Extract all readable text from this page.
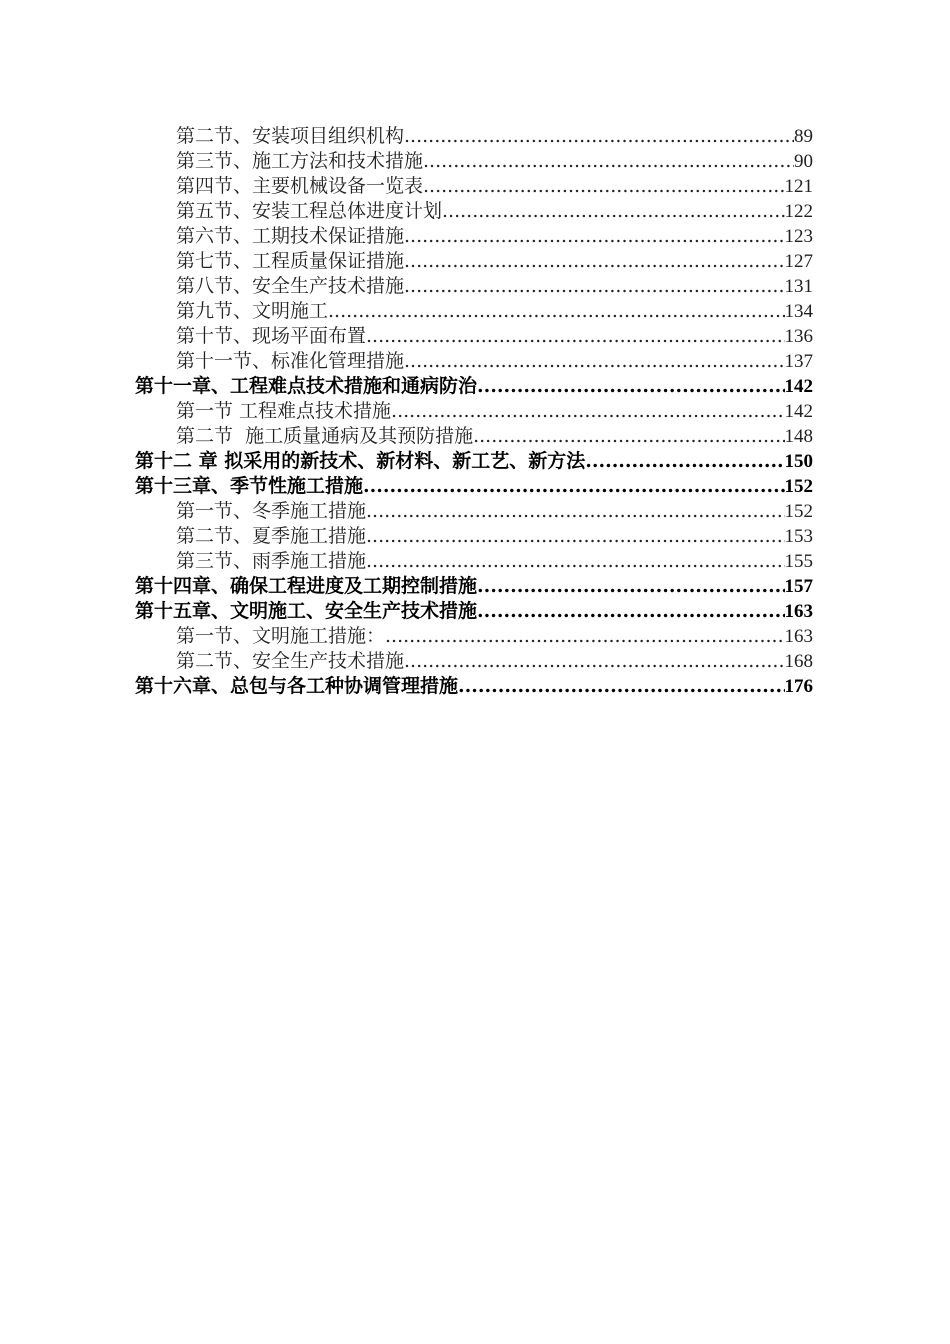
第二节、安装项目组织机构 .....	89
第三节、施工方法和技术措施 .....	90
第四节、主要机械设备一览表 .....	121
第五节、安装工程总体进度计划 .....	122
第六节、工期技术保证措施 .....	123
第七节、工程质量保证措施 .....	127
第八节、安全生产技术措施 .....	131
第九节、文明施工 .....	134
第十节、现场平面布置 .....	136
第十一节、标准化管理措施 .....	137
第十一章、工程难点技术措施和通病防治 .....	142
第一节 工程难点技术措施 .....	142
第二节  施工质量通病及其预防措施 .....	148
第十二 章 拟采用的新技术、新材料、新工艺、新方法 .....	150
第十三章、季节性施工措施 .....	152
第一节、冬季施工措施 .....	152
第二节、夏季施工措施 .....	153
第三节、雨季施工措施 .....	155
第十四章、确保工程进度及工期控制措施 .....	157
第十五章、文明施工、安全生产技术措施 .....	163
第一节、文明施工措施： .....	163
第二节、安全生产技术措施 .....	168
第十六章、总包与各工种协调管理措施 .....	176
